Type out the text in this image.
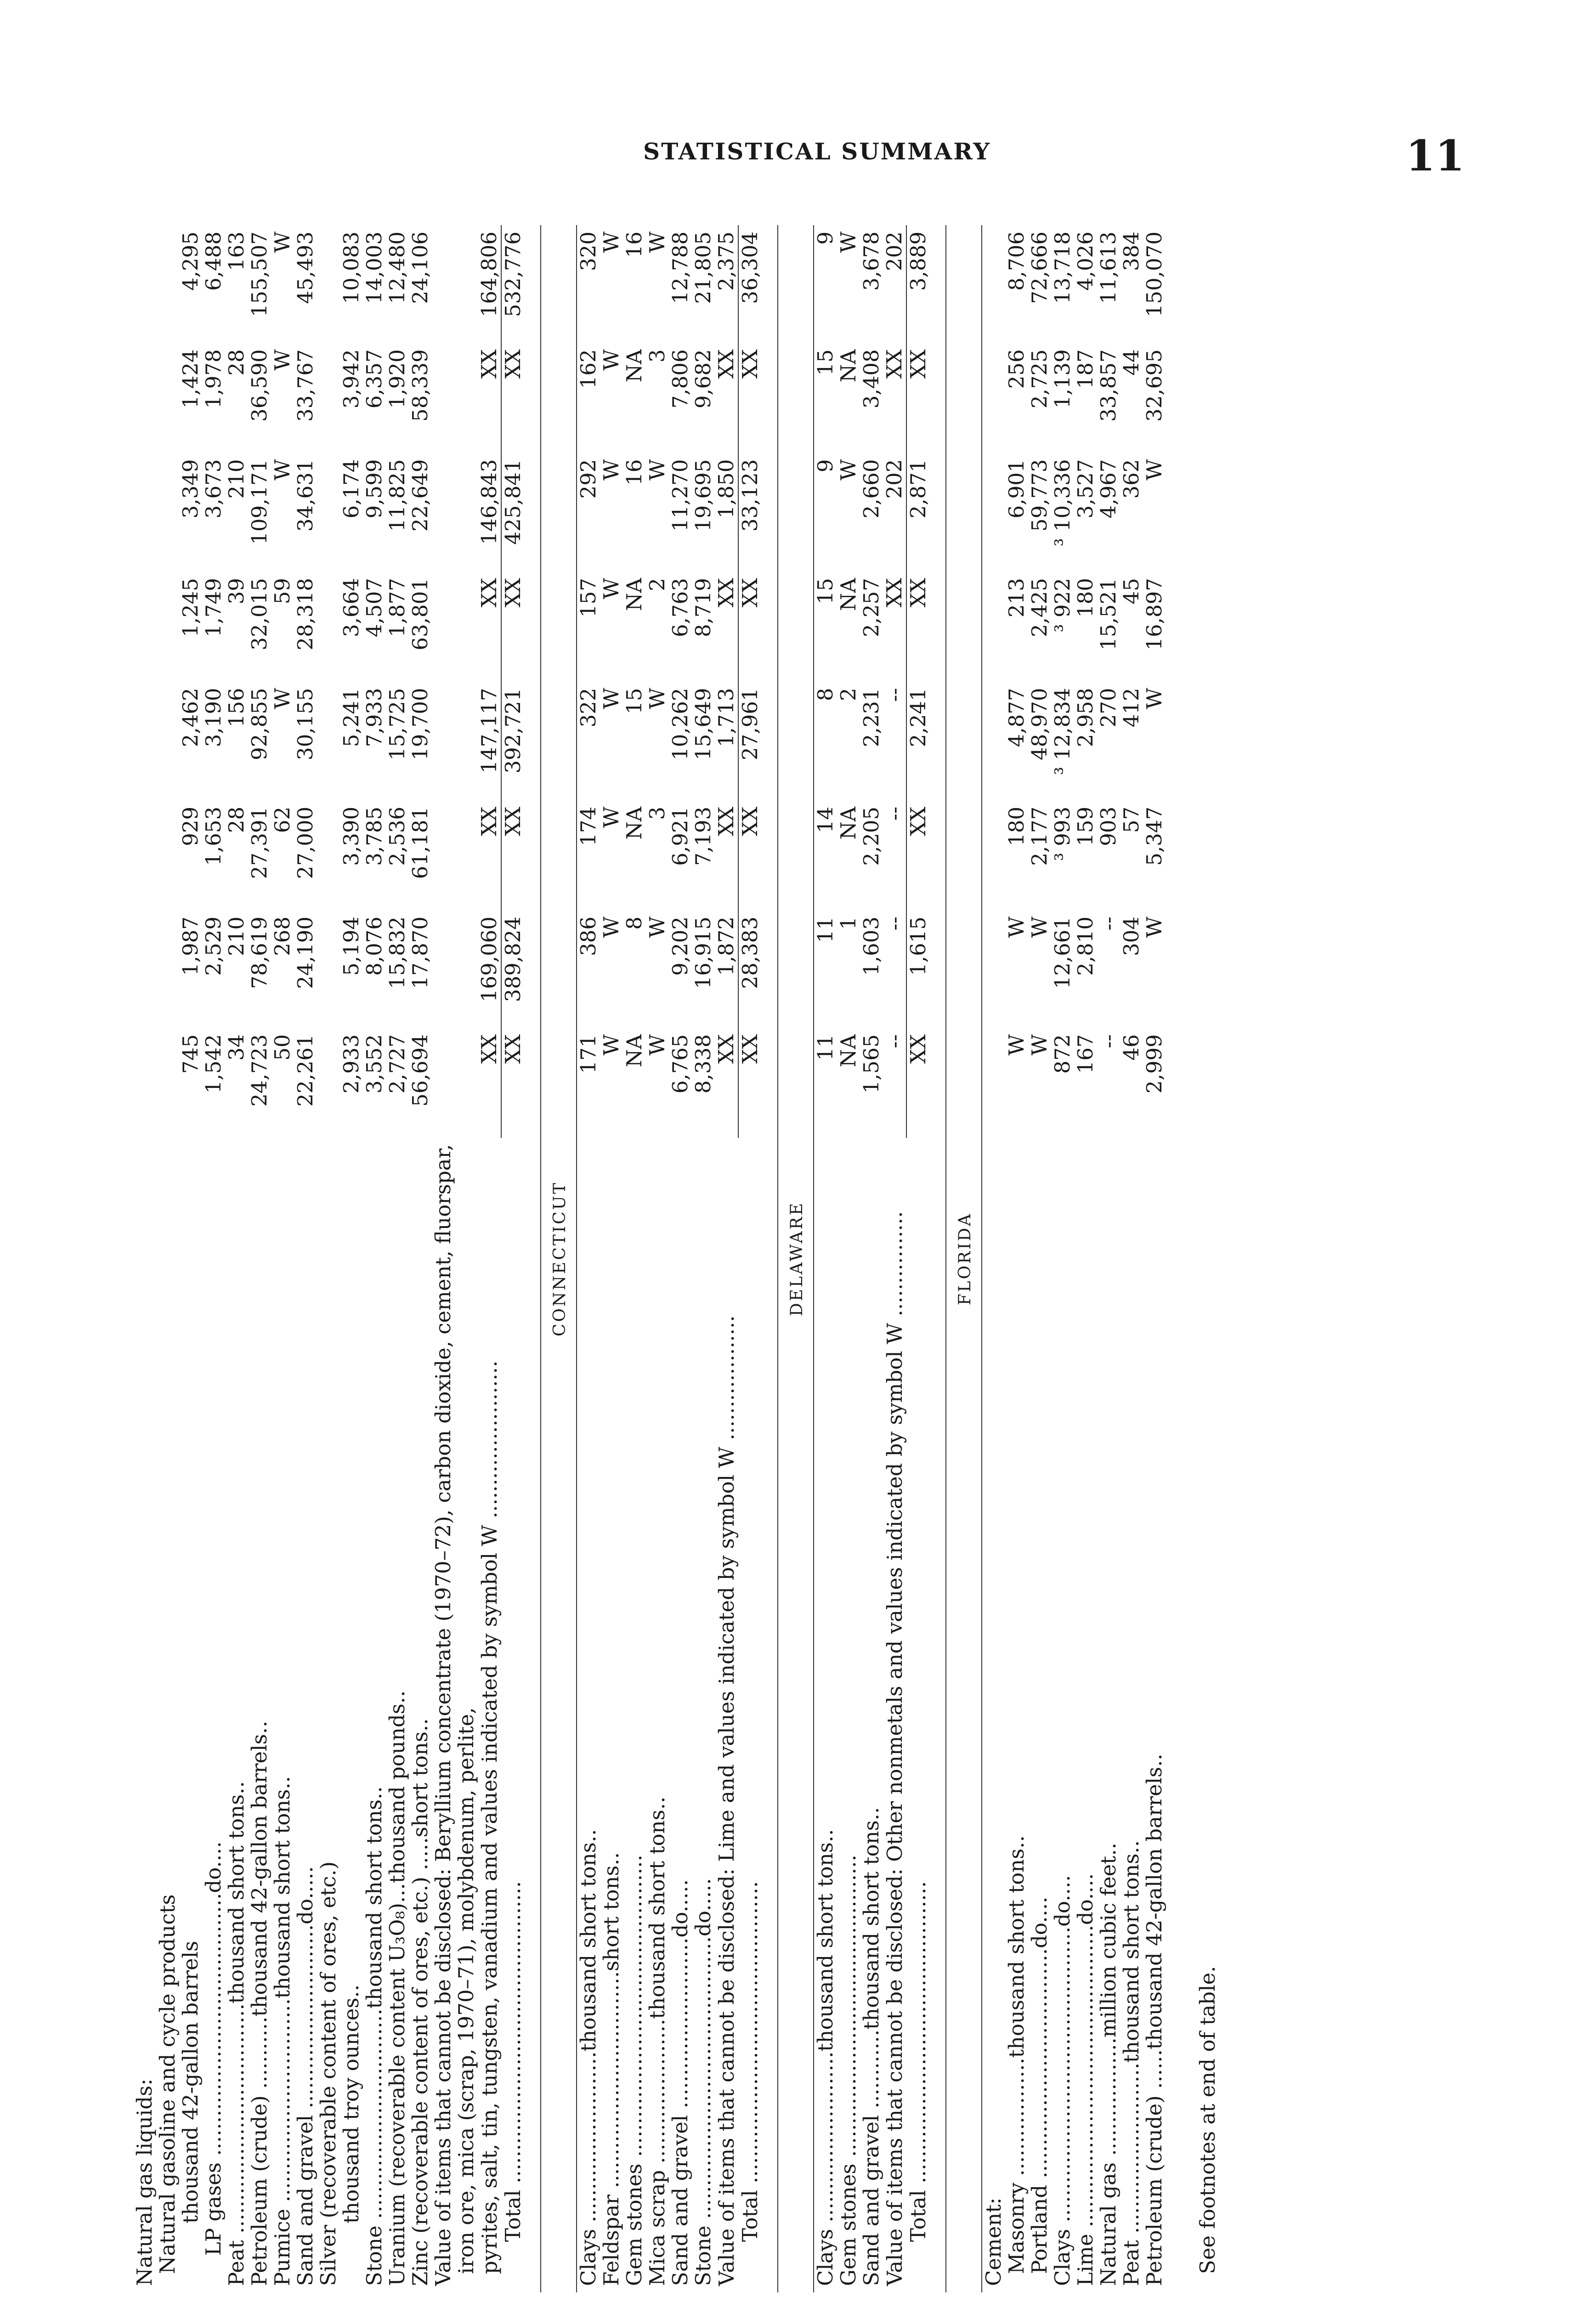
STATISTICAL SUMMARY	11
Natural gas liquids:								
Natural gasoline and cycle products								
thousand 42-gallon barrels	745	1,987	929	2,462	1,245	3,349	1,424	4,295
LP gases ........................................do....	1,542	2,529	1,653	3,190	1,749	3,673	1,978	6,488
Peat ...................................thousand short tons..	34	210	28	156	39	210	28	163
Petroleum (crude) ...........thousand 42-gallon barrels..	24,723	78,619	27,391	92,855	32,015	109,171	36,590	155,507
Pumice ...............................thousand short tons..	50	268	62	W	59	W	W	W
Sand and gravel ............................do.....	22,261	24,190	27,000	30,155	28,318	34,631	33,767	45,493
Silver (recoverable content of ores, etc.)								
thousand troy ounces..	2,933	5,194	3,390	5,241	3,664	6,174	3,942	10,083
Stone ................................thousand short tons..	3,552	8,076	3,785	7,933	4,507	9,599	6,357	14,003
Uranium (recoverable content U₃O₈)...thousand pounds..	2,727	15,832	2,536	15,725	1,877	11,825	1,920	12,480
Zinc (recoverable content of ores, etc.) .....short tons..	56,694	17,870	61,181	19,700	63,801	22,649	58,339	24,106
Value of items that cannot be disclosed: Beryllium concentrate (1970–72), carbon dioxide, cement, fluorspar,								
iron ore, mica (scrap, 1970–71), molybdenum, perlite,								
pyrites, salt, tin, tungsten, vanadium and values indicated by symbol W ........................	XX	169,060	XX	147,117	XX	146,843	XX	164,806
Total ..............................................	XX	389,824	XX	392,721	XX	425,841	XX	532,776

CONNECTICUT								
Clays ..........................thousand short tons..	171	386	174	322	157	292	162	320
Feldspar .................................short tons..	W	W	W	W	W	W	W	W
Gem stones ..............................................	NA	8	NA	15	NA	16	NA	16
Mica scrap ......................thousand short tons..	W	W	3	W	2	W	3	W
Sand and gravel ..........................do.....	6,765	9,202	6,921	10,262	6,763	11,270	7,806	12,788
Stone ...........................................do.....	8,338	16,915	7,193	15,649	8,719	19,695	9,682	21,805
Value of items that cannot be disclosed: Lime and values indicated by symbol W ...................	XX	1,872	XX	1,713	XX	1,850	XX	2,375
Total ..............................................	XX	28,383	XX	27,961	XX	33,123	XX	36,304

DELAWARE								
Clays ..........................thousand short tons..	11	11	14	8	15	9	15	9
Gem stones ..............................................	NA	1	NA	2	NA	W	NA	W
Sand and gravel ............thousand short tons..	1,565	1,603	2,205	2,231	2,257	2,660	3,408	3,678
Value of items that cannot be disclosed: Other nonmetals and values indicated by symbol W ................	--	--	--	--	XX	202	XX	202
Total ..............................................	XX	1,615	XX	2,241	XX	2,871	XX	3,889

FLORIDA								
Cement:								
Masonry ..................thousand short tons..	W	W	180	4,877	213	6,901	256	8,706
Portland ...................................do....	W	W	2,177	48,970	2,425	59,773	2,725	72,666
Clays .............................................do....	872	12,661	³ 993	³ 12,834	³ 922	³ 10,336	1,139	13,718
Lime ..............................................do....	167	2,810	159	2,958	180	3,527	187	4,026
Natural gas ..................million cubic feet..	--	--	903	270	15,521	4,967	33,857	11,613
Peat ..........................thousand short tons..	46	304	57	412	45	362	44	384
Petroleum (crude) ......thousand 42-gallon barrels..	2,999	W	5,347	W	16,897	W	32,695	150,070

See footnotes at end of table.
